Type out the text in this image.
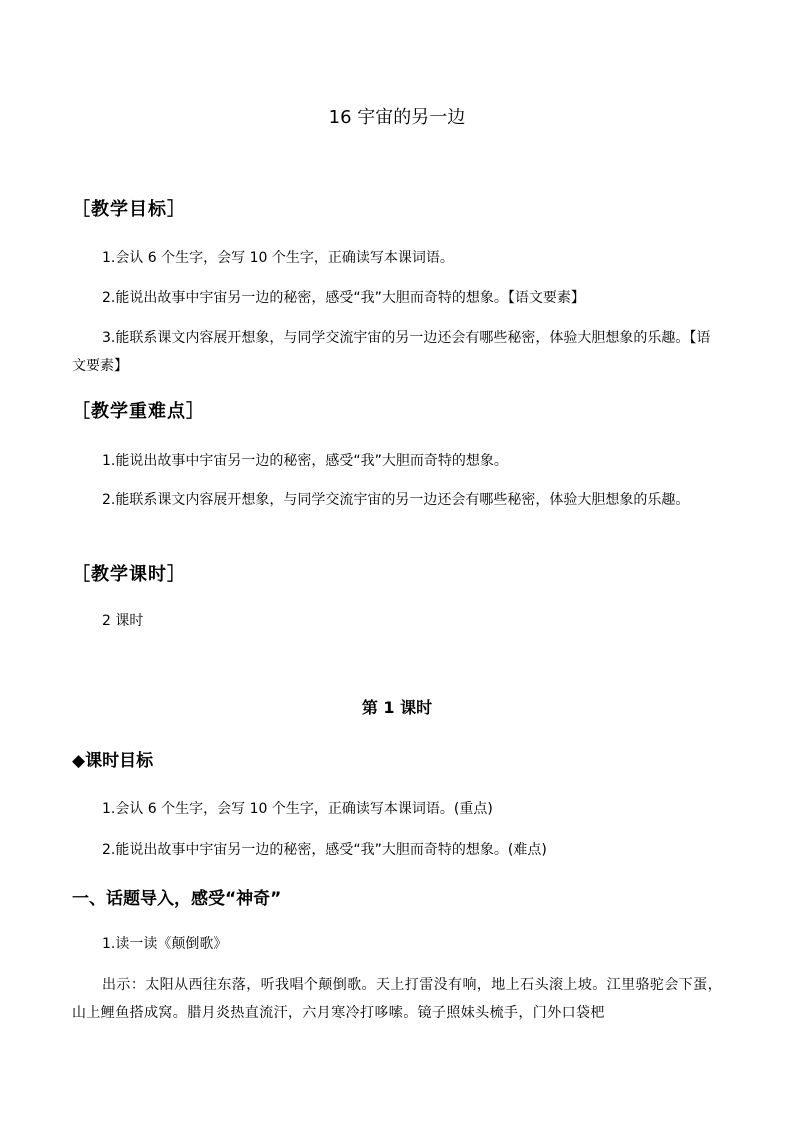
16 宇宙的另一边
［教学目标］
1.会认 6 个生字，会写 10 个生字，正确读写本课词语。
2.能说出故事中宇宙另一边的秘密，感受“我”大胆而奇特的想象。【语文要素】
3.能联系课文内容展开想象，与同学交流宇宙的另一边还会有哪些秘密，体验大胆想象的乐趣。【语文要素】
［教学重难点］
1.能说出故事中宇宙另一边的秘密，感受“我”大胆而奇特的想象。
2.能联系课文内容展开想象，与同学交流宇宙的另一边还会有哪些秘密，体验大胆想象的乐趣。
［教学课时］
2 课时
第 1 课时
◆课时目标
1.会认 6 个生字，会写 10 个生字，正确读写本课词语。(重点)
2.能说出故事中宇宙另一边的秘密，感受“我”大胆而奇特的想象。(难点)
一、话题导入，感受“神奇”
1.读一读《颠倒歌》
出示：太阳从西往东落，听我唱个颠倒歌。天上打雷没有响，地上石头滚上坡。江里骆驼会下蛋，山上鲤鱼搭成窝。腊月炎热直流汗，六月寒冷打哆嗦。镜子照妹头梳手，门外口袋杷
